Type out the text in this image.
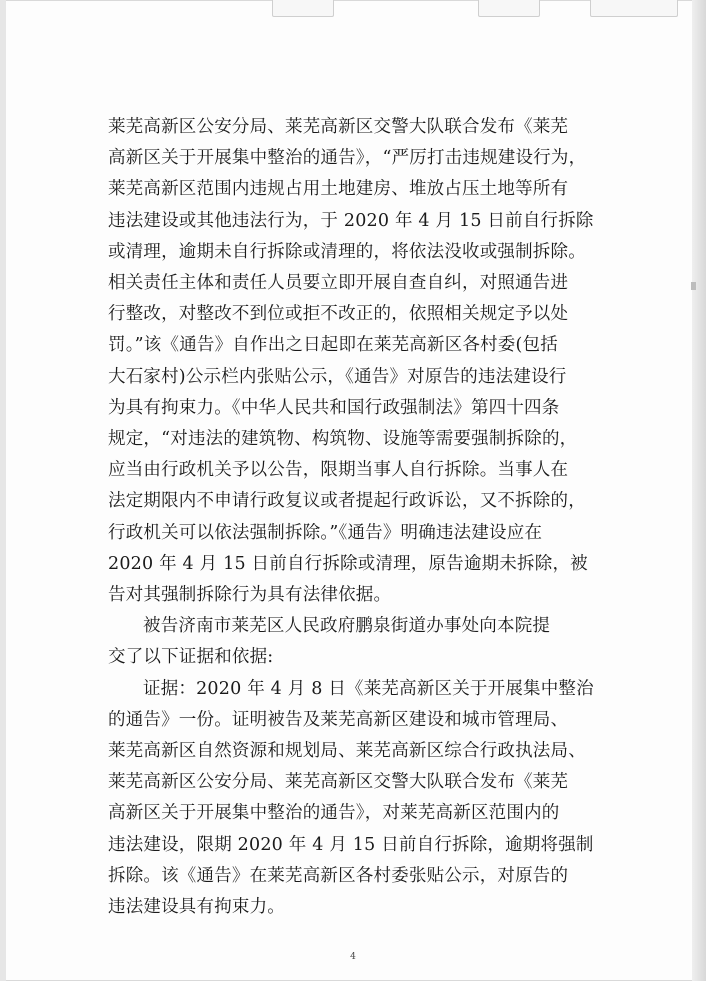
莱芜高新区公安分局、莱芜高新区交警大队联合发布《莱芜
高新区关于开展集中整治的通告》，“严厉打击违规建设行为，
莱芜高新区范围内违规占用土地建房、堆放占压土地等所有
违法建设或其他违法行为，于 2020 年 4 月 15 日前自行拆除
或清理，逾期未自行拆除或清理的，将依法没收或强制拆除。
相关责任主体和责任人员要立即开展自查自纠，对照通告进
行整改，对整改不到位或拒不改正的，依照相关规定予以处
罚。”该《通告》自作出之日起即在莱芜高新区各村委(包括
大石家村)公示栏内张贴公示，《通告》对原告的违法建设行
为具有拘束力。《中华人民共和国行政强制法》第四十四条
规定，“对违法的建筑物、构筑物、设施等需要强制拆除的，
应当由行政机关予以公告，限期当事人自行拆除。当事人在
法定期限内不申请行政复议或者提起行政诉讼，又不拆除的，
行政机关可以依法强制拆除。”《通告》明确违法建设应在
2020 年 4 月 15 日前自行拆除或清理，原告逾期未拆除，被
告对其强制拆除行为具有法律依据。
被告济南市莱芜区人民政府鹏泉街道办事处向本院提
交了以下证据和依据:
证据：2020 年 4 月 8 日《莱芜高新区关于开展集中整治
的通告》一份。证明被告及莱芜高新区建设和城市管理局、
莱芜高新区自然资源和规划局、莱芜高新区综合行政执法局、
莱芜高新区公安分局、莱芜高新区交警大队联合发布《莱芜
高新区关于开展集中整治的通告》，对莱芜高新区范围内的
违法建设，限期 2020 年 4 月 15 日前自行拆除，逾期将强制
拆除。该《通告》在莱芜高新区各村委张贴公示，对原告的
违法建设具有拘束力。
4
